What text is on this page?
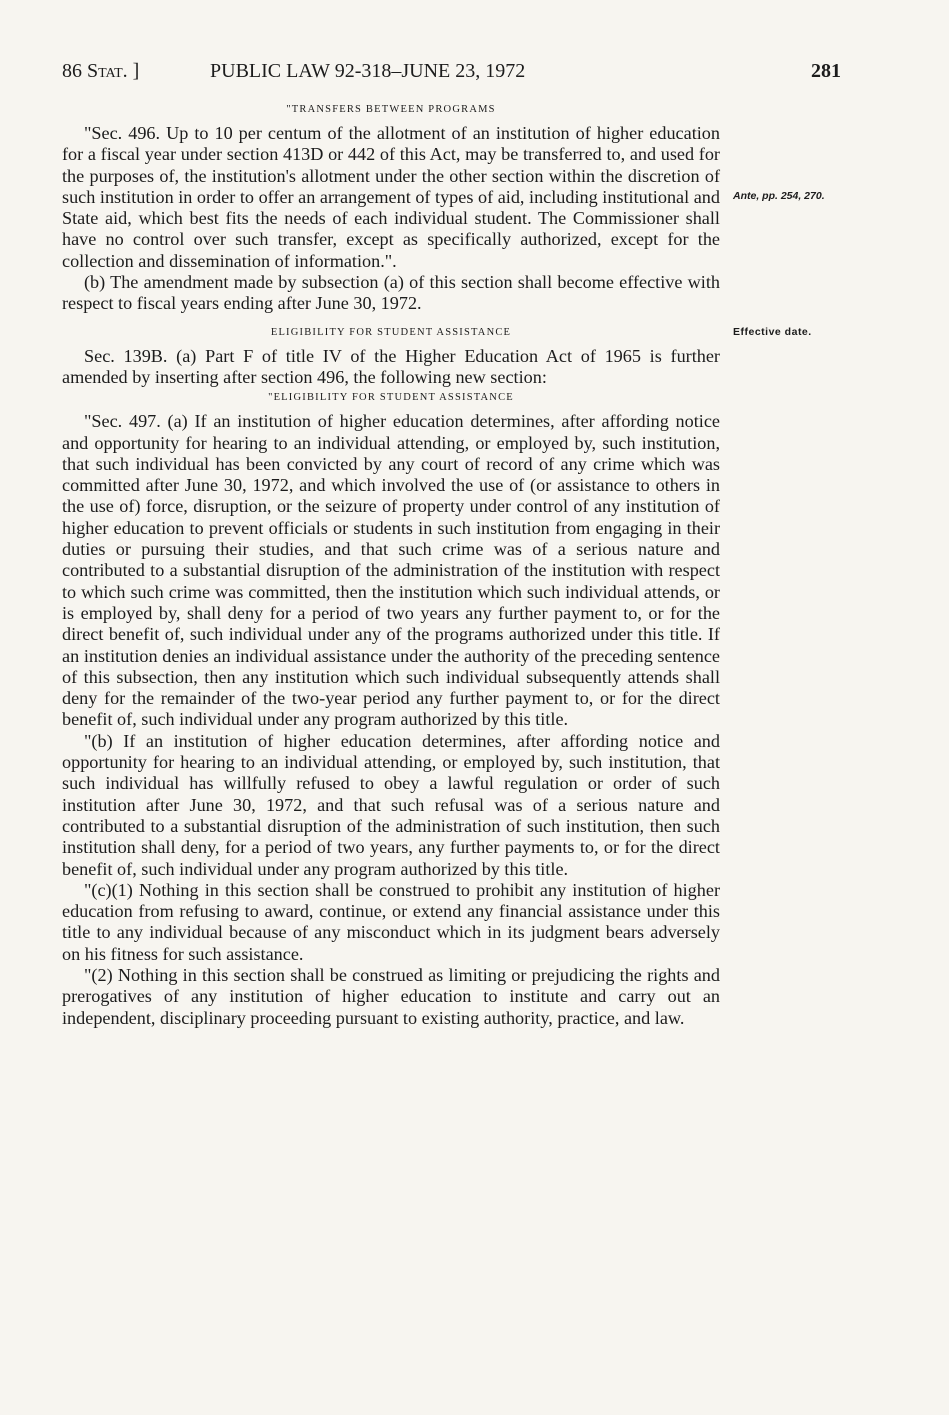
86 Stat. ]	PUBLIC LAW 92-318–JUNE 23, 1972	281
Ante, pp. 254, 270.
Effective date.
"TRANSFERS BETWEEN PROGRAMS

"Sec. 496. Up to 10 per centum of the allotment of an institution of higher education for a fiscal year under section 413D or 442 of this Act, may be transferred to, and used for the purposes of, the institution's allotment under the other section within the discretion of such institution in order to offer an arrangement of types of aid, including institutional and State aid, which best fits the needs of each individual student. The Commissioner shall have no control over such transfer, except as specifically authorized, except for the collection and dissemination of information.".

(b) The amendment made by subsection (a) of this section shall become effective with respect to fiscal years ending after June 30, 1972.

ELIGIBILITY FOR STUDENT ASSISTANCE

Sec. 139B. (a) Part F of title IV of the Higher Education Act of 1965 is further amended by inserting after section 496, the following new section:

"ELIGIBILITY FOR STUDENT ASSISTANCE

"Sec. 497. (a) If an institution of higher education determines, after affording notice and opportunity for hearing to an individual attending, or employed by, such institution, that such individual has been convicted by any court of record of any crime which was committed after June 30, 1972, and which involved the use of (or assistance to others in the use of) force, disruption, or the seizure of property under control of any institution of higher education to prevent officials or students in such institution from engaging in their duties or pursuing their studies, and that such crime was of a serious nature and contributed to a substantial disruption of the administration of the institution with respect to which such crime was committed, then the institution which such individual attends, or is employed by, shall deny for a period of two years any further payment to, or for the direct benefit of, such individual under any of the programs authorized under this title. If an institution denies an individual assistance under the authority of the preceding sentence of this subsection, then any institution which such individual subsequently attends shall deny for the remainder of the two-year period any further payment to, or for the direct benefit of, such individual under any program authorized by this title.

"(b) If an institution of higher education determines, after affording notice and opportunity for hearing to an individual attending, or employed by, such institution, that such individual has willfully refused to obey a lawful regulation or order of such institution after June 30, 1972, and that such refusal was of a serious nature and contributed to a substantial disruption of the administration of such institution, then such institution shall deny, for a period of two years, any further payments to, or for the direct benefit of, such individual under any program authorized by this title.

"(c)(1) Nothing in this section shall be construed to prohibit any institution of higher education from refusing to award, continue, or extend any financial assistance under this title to any individual because of any misconduct which in its judgment bears adversely on his fitness for such assistance.

"(2) Nothing in this section shall be construed as limiting or prejudicing the rights and prerogatives of any institution of higher education to institute and carry out an independent, disciplinary proceeding pursuant to existing authority, practice, and law.
